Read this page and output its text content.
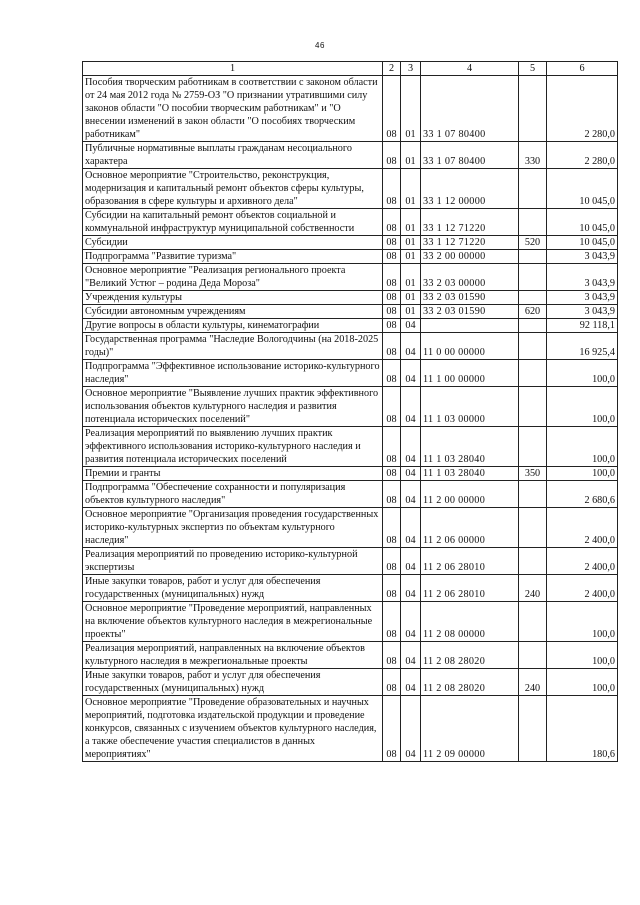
46
1	2	3	4	5	6
Пособия творческим работникам в соответствии с законом области от 24 мая 2012 года № 2759-ОЗ "О признании утратившими силу законов области "О пособии творческим работникам" и "О внесении изменений в закон области "О пособиях творческим работникам"	08	01	33 1 07 80400		2 280,0
Публичные нормативные выплаты гражданам несоциального характера	08	01	33 1 07 80400	330	2 280,0
Основное мероприятие "Строительство, реконструкция, модернизация и капитальный ремонт объектов сферы культуры, образования в сфере культуры и архивного дела"	08	01	33 1 12 00000		10 045,0
Субсидии на капитальный ремонт объектов социальной и коммунальной инфраструктур муниципальной собственности	08	01	33 1 12 71220		10 045,0
Субсидии	08	01	33 1 12 71220	520	10 045,0
Подпрограмма "Развитие туризма"	08	01	33 2 00 00000		3 043,9
Основное мероприятие "Реализация регионального проекта "Великий Устюг – родина Деда Мороза"	08	01	33 2 03 00000		3 043,9
Учреждения культуры	08	01	33 2 03 01590		3 043,9
Субсидии автономным учреждениям	08	01	33 2 03 01590	620	3 043,9
Другие вопросы в области культуры, кинематографии	08	04			92 118,1
Государственная программа "Наследие Вологодчины (на 2018-2025 годы)"	08	04	11 0 00 00000		16 925,4
Подпрограмма "Эффективное использование историко-культурного наследия"	08	04	11 1 00 00000		100,0
Основное мероприятие "Выявление лучших практик эффективного использования объектов культурного наследия и развития потенциала исторических поселений"	08	04	11 1 03 00000		100,0
Реализация мероприятий по выявлению лучших практик эффективного использования историко-культурного наследия и развития потенциала исторических поселений	08	04	11 1 03 28040		100,0
Премии и гранты	08	04	11 1 03 28040	350	100,0
Подпрограмма "Обеспечение сохранности и популяризация объектов культурного наследия"	08	04	11 2 00 00000		2 680,6
Основное мероприятие "Организация проведения государственных историко-культурных экспертиз по объектам культурного наследия"	08	04	11 2 06 00000		2 400,0
Реализация мероприятий по проведению историко-культурной экспертизы	08	04	11 2 06 28010		2 400,0
Иные закупки товаров, работ и услуг для обеспечения государственных (муниципальных) нужд	08	04	11 2 06 28010	240	2 400,0
Основное мероприятие "Проведение мероприятий, направленных на включение объектов культурного наследия в межрегиональные проекты"	08	04	11 2 08 00000		100,0
Реализация мероприятий, направленных на включение объектов культурного наследия в межрегиональные проекты	08	04	11 2 08 28020		100,0
Иные закупки товаров, работ и услуг для обеспечения государственных (муниципальных) нужд	08	04	11 2 08 28020	240	100,0
Основное мероприятие "Проведение образовательных и научных мероприятий, подготовка издательской продукции и проведение конкурсов, связанных с изучением объектов культурного наследия, а также обеспечение участия специалистов в данных мероприятиях"	08	04	11 2 09 00000		180,6
